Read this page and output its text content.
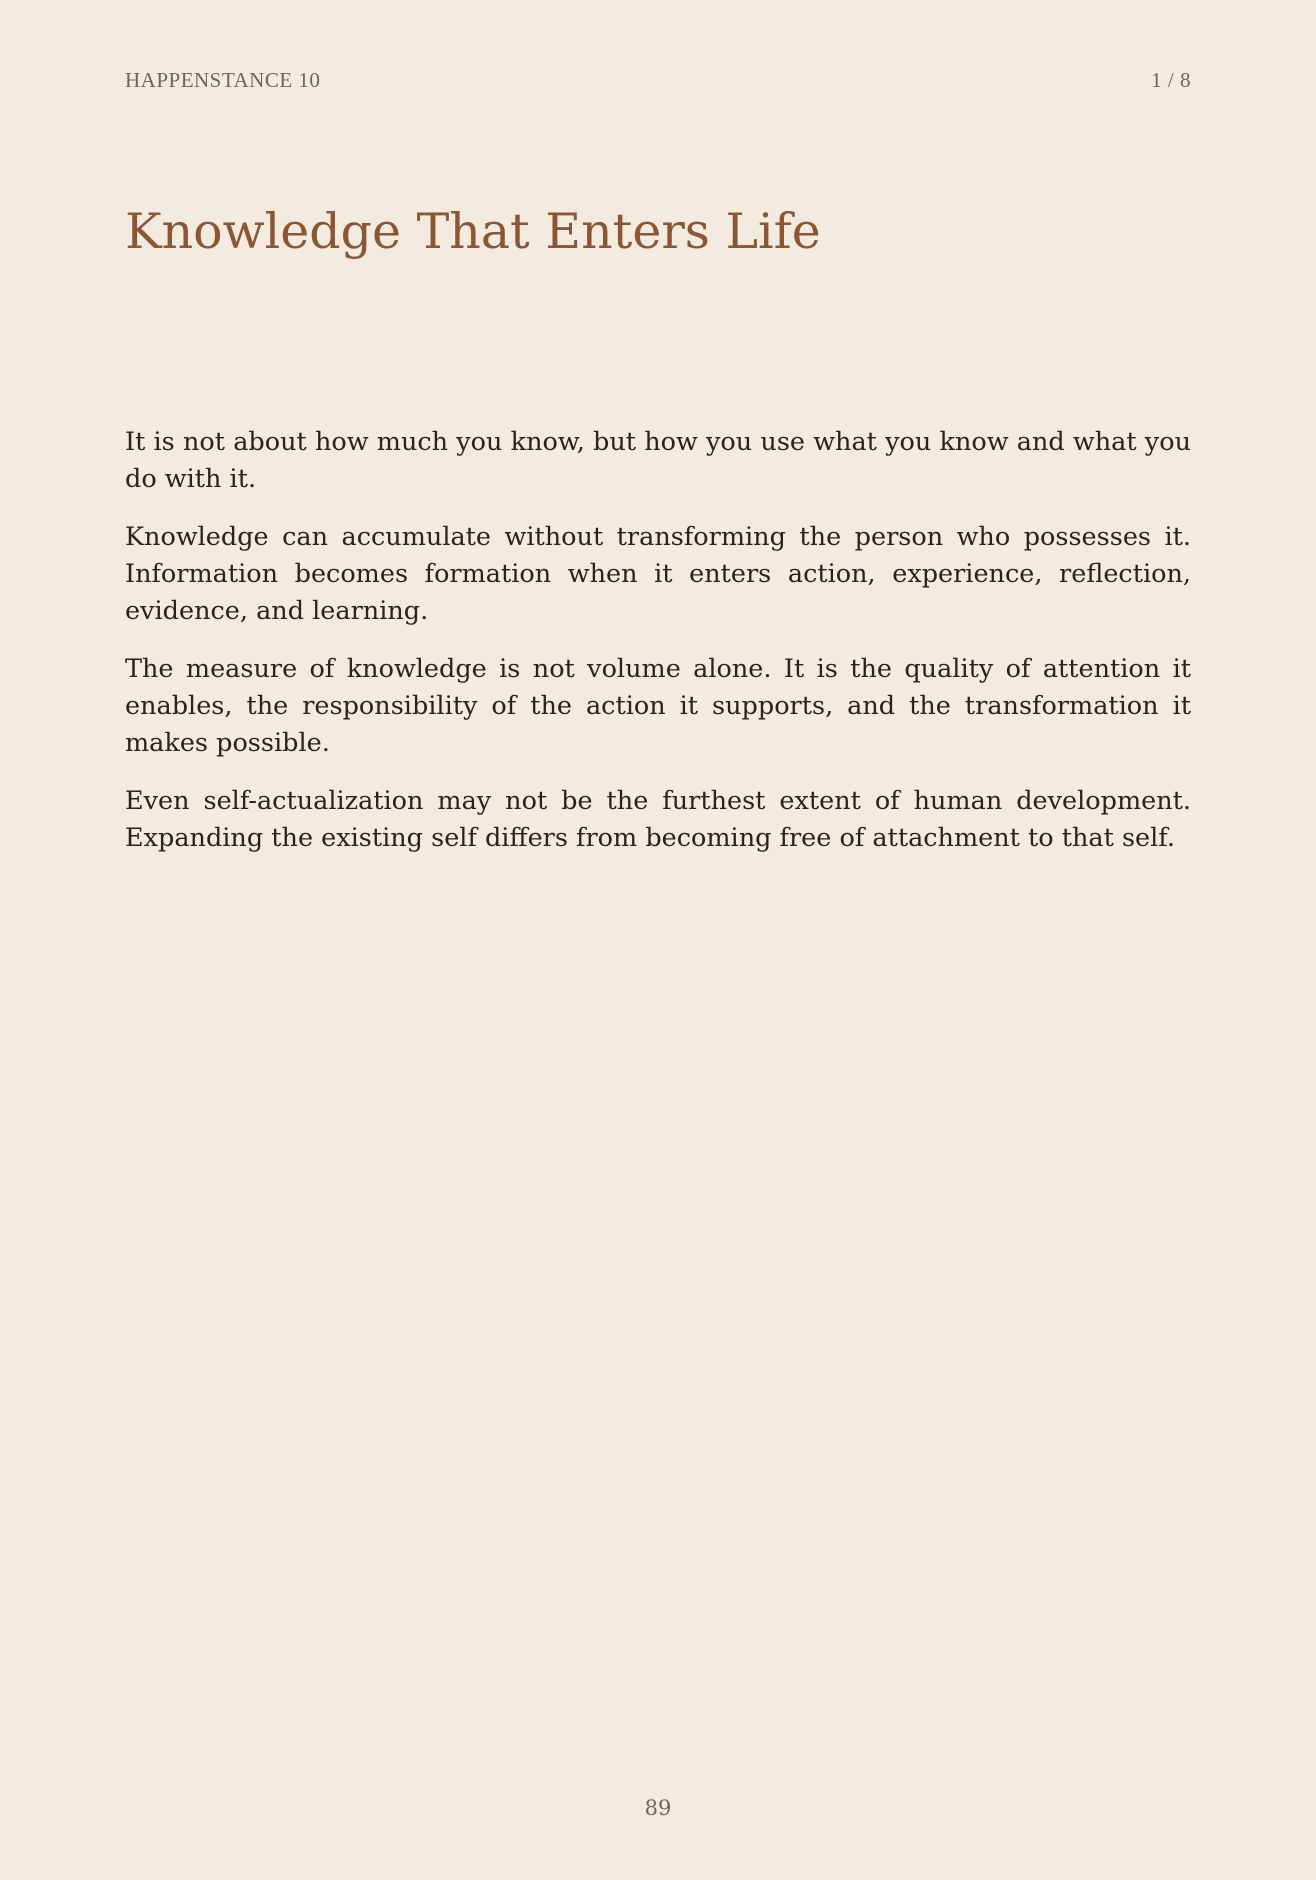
HAPPENSTANCE 10	1 / 8
Knowledge That Enters Life

It is not about how much you know, but how you use what you know and what you do with it.

Knowledge can accumulate without transforming the person who possesses it. Information becomes formation when it enters action, experience, reflection, evidence, and learning.

The measure of knowledge is not volume alone. It is the quality of attention it enables, the responsibility of the action it supports, and the transformation it makes possible.

Even self-actualization may not be the furthest extent of human development. Expanding the existing self differs from becoming free of attachment to that self.

89
